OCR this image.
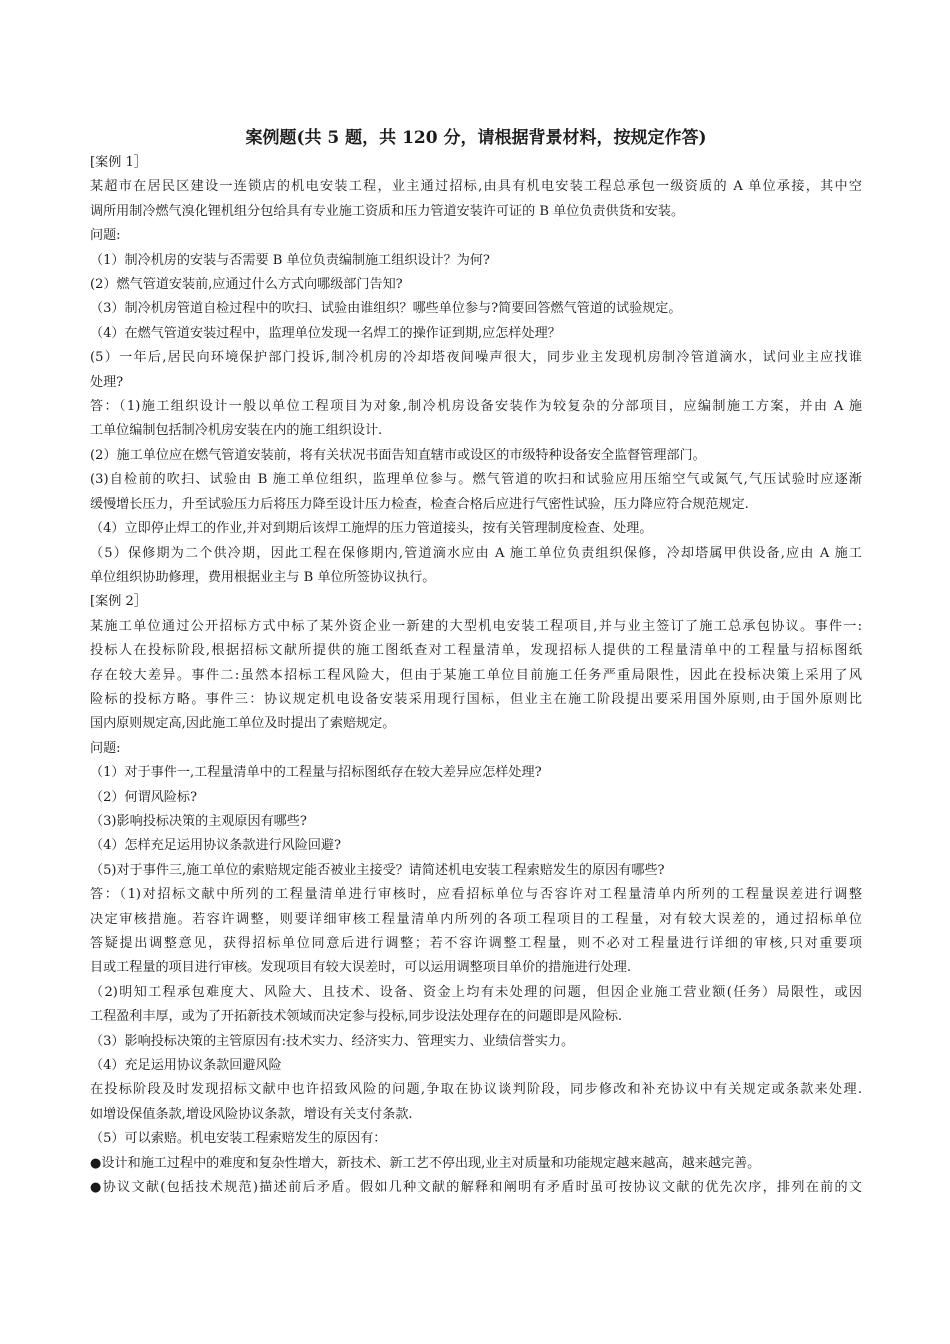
案例题(共 5 题，共 120 分，请根据背景材料，按规定作答)
[案例 1］
某超市在居民区建设一连锁店的机电安装工程，业主通过招标,由具有机电安装工程总承包一级资质的 A 单位承接，其中空
调所用制冷燃气溴化锂机组分包给具有专业施工资质和压力管道安装许可证的 B 单位负责供货和安装。
问题:
（1）制冷机房的安装与否需要 B 单位负责编制施工组织设计？为何?
(2）燃气管道安装前,应通过什么方式向哪级部门告知?
（3）制冷机房管道自检过程中的吹扫、试验由谁组织？哪些单位参与?简要回答燃气管道的试验规定。
（4）在燃气管道安装过程中，监理单位发现一名焊工的操作证到期,应怎样处理？
(5）一年后,居民向环境保护部门投诉,制冷机房的冷却塔夜间噪声很大，同步业主发现机房制冷管道滴水，试问业主应找谁
处理?
答：（1)施工组织设计一般以单位工程项目为对象,制冷机房设备安装作为较复杂的分部项目，应编制施工方案，并由 A 施
工单位编制包括制冷机房安装在内的施工组织设计.
(2）施工单位应在燃气管道安装前，将有关状况书面告知直辖市或设区的市级特种设备安全监督管理部门。
(3)自检前的吹扫、试验由 B 施工单位组织，监理单位参与。燃气管道的吹扫和试验应用压缩空气或氮气,气压试验时应逐渐
缓慢增长压力，升至试验压力后将压力降至设计压力检查，检查合格后应进行气密性试验，压力降应符合规范规定.
（4）立即停止焊工的作业,并对到期后该焊工施焊的压力管道接头，按有关管理制度检查、处理。
（5）保修期为二个供冷期，因此工程在保修期内,管道滴水应由 A 施工单位负责组织保修，冷却塔属甲供设备,应由 A 施工
单位组织协助修理，费用根据业主与 B 单位所签协议执行。
[案例 2］
某施工单位通过公开招标方式中标了某外资企业一新建的大型机电安装工程项目,并与业主签订了施工总承包协议。事件一:
投标人在投标阶段,根据招标文献所提供的施工图纸查对工程量清单，发现招标人提供的工程量清单中的工程量与招标图纸
存在较大差异。事件二:虽然本招标工程风险大，但由于某施工单位目前施工任务严重局限性，因此在投标决策上采用了风
险标的投标方略。事件三：协议规定机电设备安装采用现行国标，但业主在施工阶段提出要采用国外原则,由于国外原则比
国内原则规定高,因此施工单位及时提出了索赔规定。
问题:
（1）对于事件一,工程量清单中的工程量与招标图纸存在较大差异应怎样处理?
（2）何谓风险标?
（3)影响投标决策的主观原因有哪些?
（4）怎样充足运用协议条款进行风险回避?
（5)对于事件三,施工单位的索赔规定能否被业主接受？请简述机电安装工程索赔发生的原因有哪些?
答：（1)对招标文献中所列的工程量清单进行审核时，应看招标单位与否容许对工程量清单内所列的工程量误差进行调整
决定审核措施。若容许调整，则要详细审核工程量清单内所列的各项工程项目的工程量，对有较大误差的，通过招标单位
答疑提出调整意见，获得招标单位同意后进行调整；若不容许调整工程量，则不必对工程量进行详细的审核,只对重要项
目或工程量的项目进行审核。发现项目有较大误差时，可以运用调整项目单价的措施进行处理.
（2)明知工程承包难度大、风险大、且技术、设备、资金上均有未处理的问题，但因企业施工营业额(任务）局限性，或因
工程盈利丰厚，或为了开拓新技术领域而决定参与投标,同步设法处理存在的问题即是风险标.
（3）影响投标决策的主管原因有:技术实力、经济实力、管理实力、业绩信誉实力。
（4）充足运用协议条款回避风险
在投标阶段及时发现招标文献中也许招致风险的问题,争取在协议谈判阶段，同步修改和补充协议中有关规定或条款来处理.
如增设保值条款,增设风险协议条款，增设有关支付条款.
（5）可以索赔。机电安装工程索赔发生的原因有：
●设计和施工过程中的难度和复杂性增大，新技术、新工艺不停出现,业主对质量和功能规定越来越高，越来越完善。
●协议文献(包括技术规范)描述前后矛盾。假如几种文献的解释和阐明有矛盾时虽可按协议文献的优先次序，排列在前的文
